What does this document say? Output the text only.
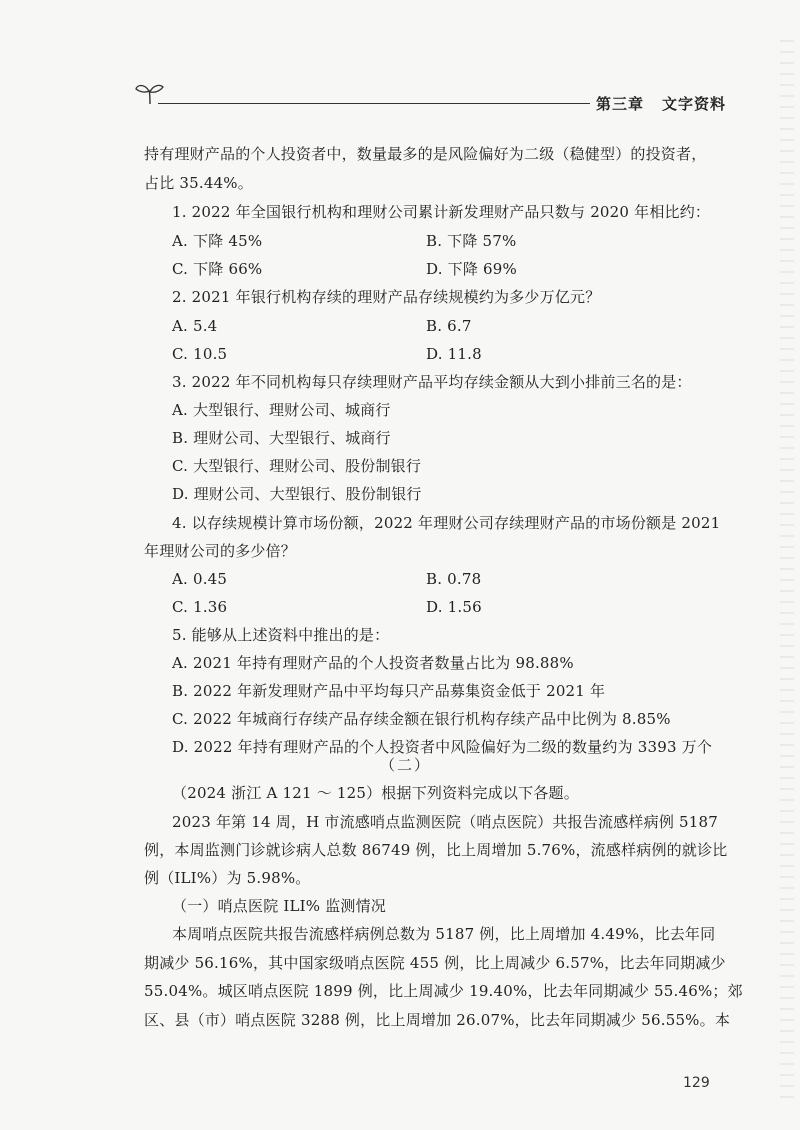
第三章 文字资料
持有理财产品的个人投资者中，数量最多的是风险偏好为二级（稳健型）的投资者，
占比 35.44%。
1. 2022 年全国银行机构和理财公司累计新发理财产品只数与 2020 年相比约：
A. 下降 45%	B. 下降 57%
C. 下降 66%	D. 下降 69%
2. 2021 年银行机构存续的理财产品存续规模约为多少万亿元？
A. 5.4	B. 6.7
C. 10.5	D. 11.8
3. 2022 年不同机构每只存续理财产品平均存续金额从大到小排前三名的是：
A. 大型银行、理财公司、城商行
B. 理财公司、大型银行、城商行
C. 大型银行、理财公司、股份制银行
D. 理财公司、大型银行、股份制银行
4. 以存续规模计算市场份额，2022 年理财公司存续理财产品的市场份额是 2021
年理财公司的多少倍？
A. 0.45	B. 0.78
C. 1.36	D. 1.56
5. 能够从上述资料中推出的是：
A. 2021 年持有理财产品的个人投资者数量占比为 98.88%
B. 2022 年新发理财产品中平均每只产品募集资金低于 2021 年
C. 2022 年城商行存续产品存续金额在银行机构存续产品中比例为 8.85%
D. 2022 年持有理财产品的个人投资者中风险偏好为二级的数量约为 3393 万个
（二）
（2024 浙江 A 121 ～ 125）根据下列资料完成以下各题。
2023 年第 14 周，H 市流感哨点监测医院（哨点医院）共报告流感样病例 5187
例，本周监测门诊就诊病人总数 86749 例，比上周增加 5.76%，流感样病例的就诊比
例（ILI%）为 5.98%。
（一）哨点医院 ILI% 监测情况
本周哨点医院共报告流感样病例总数为 5187 例，比上周增加 4.49%，比去年同
期减少 56.16%，其中国家级哨点医院 455 例，比上周减少 6.57%，比去年同期减少
55.04%。城区哨点医院 1899 例，比上周减少 19.40%，比去年同期减少 55.46%；郊
区、县（市）哨点医院 3288 例，比上周增加 26.07%，比去年同期减少 56.55%。本
129
